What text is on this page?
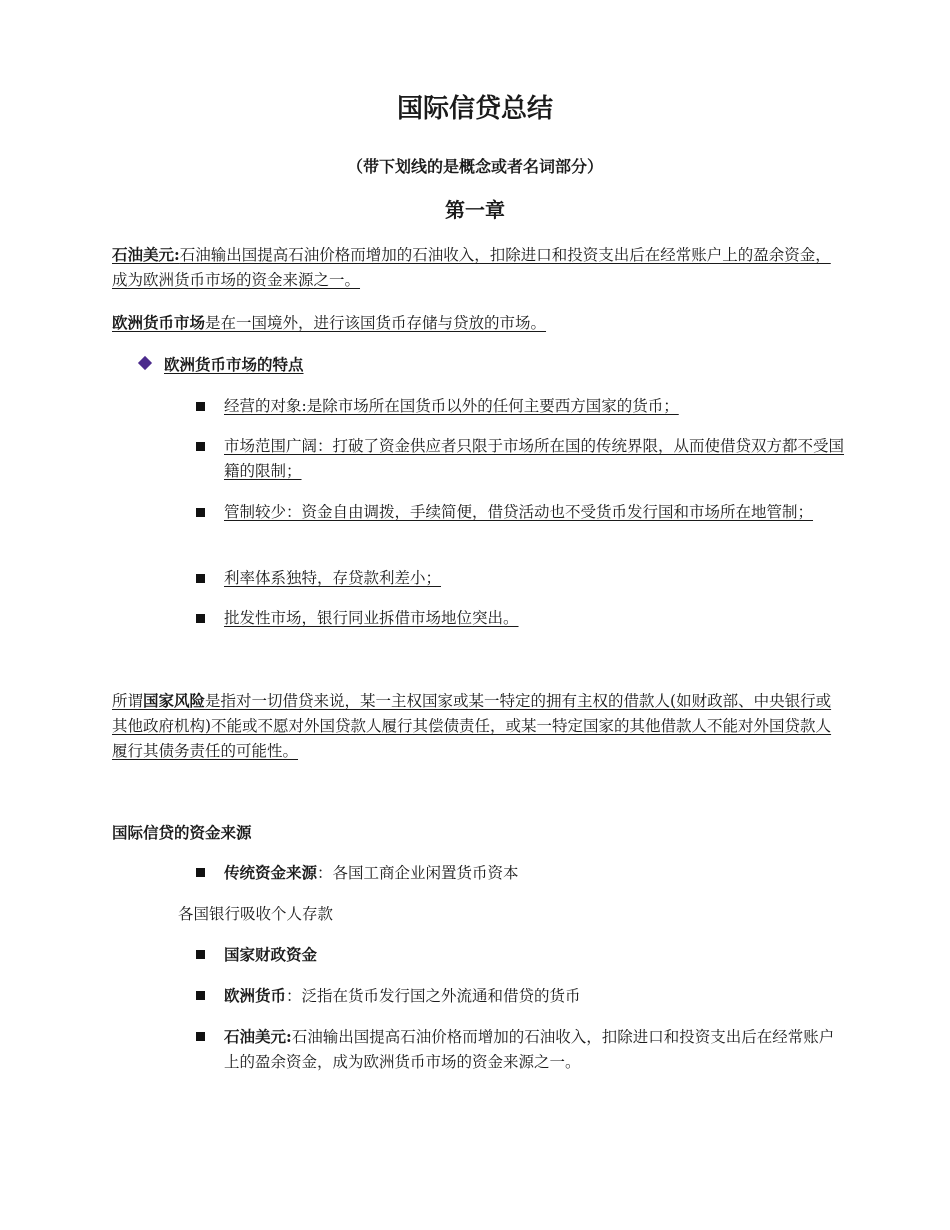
国际信贷总结

（带下划线的是概念或者名词部分）

第一章

石油美元:石油输出国提高石油价格而增加的石油收入，扣除进口和投资支出后在经常账户上的盈余资金，成为欧洲货币市场的资金来源之一。

欧洲货币市场是在一国境外，进行该国货币存储与贷放的市场。

欧洲货币市场的特点
经营的对象:是除市场所在国货币以外的任何主要西方国家的货币；
市场范围广阔：打破了资金供应者只限于市场所在国的传统界限，从而使借贷双方都不受国籍的限制；
管制较少：资金自由调拨，手续简便，借贷活动也不受货币发行国和市场所在地管制；
利率体系独特，存贷款利差小；
批发性市场，银行同业拆借市场地位突出。

所谓国家风险是指对一切借贷来说，某一主权国家或某一特定的拥有主权的借款人(如财政部、中央银行或其他政府机构)不能或不愿对外国贷款人履行其偿债责任，或某一特定国家的其他借款人不能对外国贷款人履行其债务责任的可能性。

国际信贷的资金来源

传统资金来源：各国工商企业闲置货币资本
各国银行吸收个人存款
国家财政资金
欧洲货币：泛指在货币发行国之外流通和借贷的货币
石油美元:石油输出国提高石油价格而增加的石油收入，扣除进口和投资支出后在经常账户上的盈余资金，成为欧洲货币市场的资金来源之一。
